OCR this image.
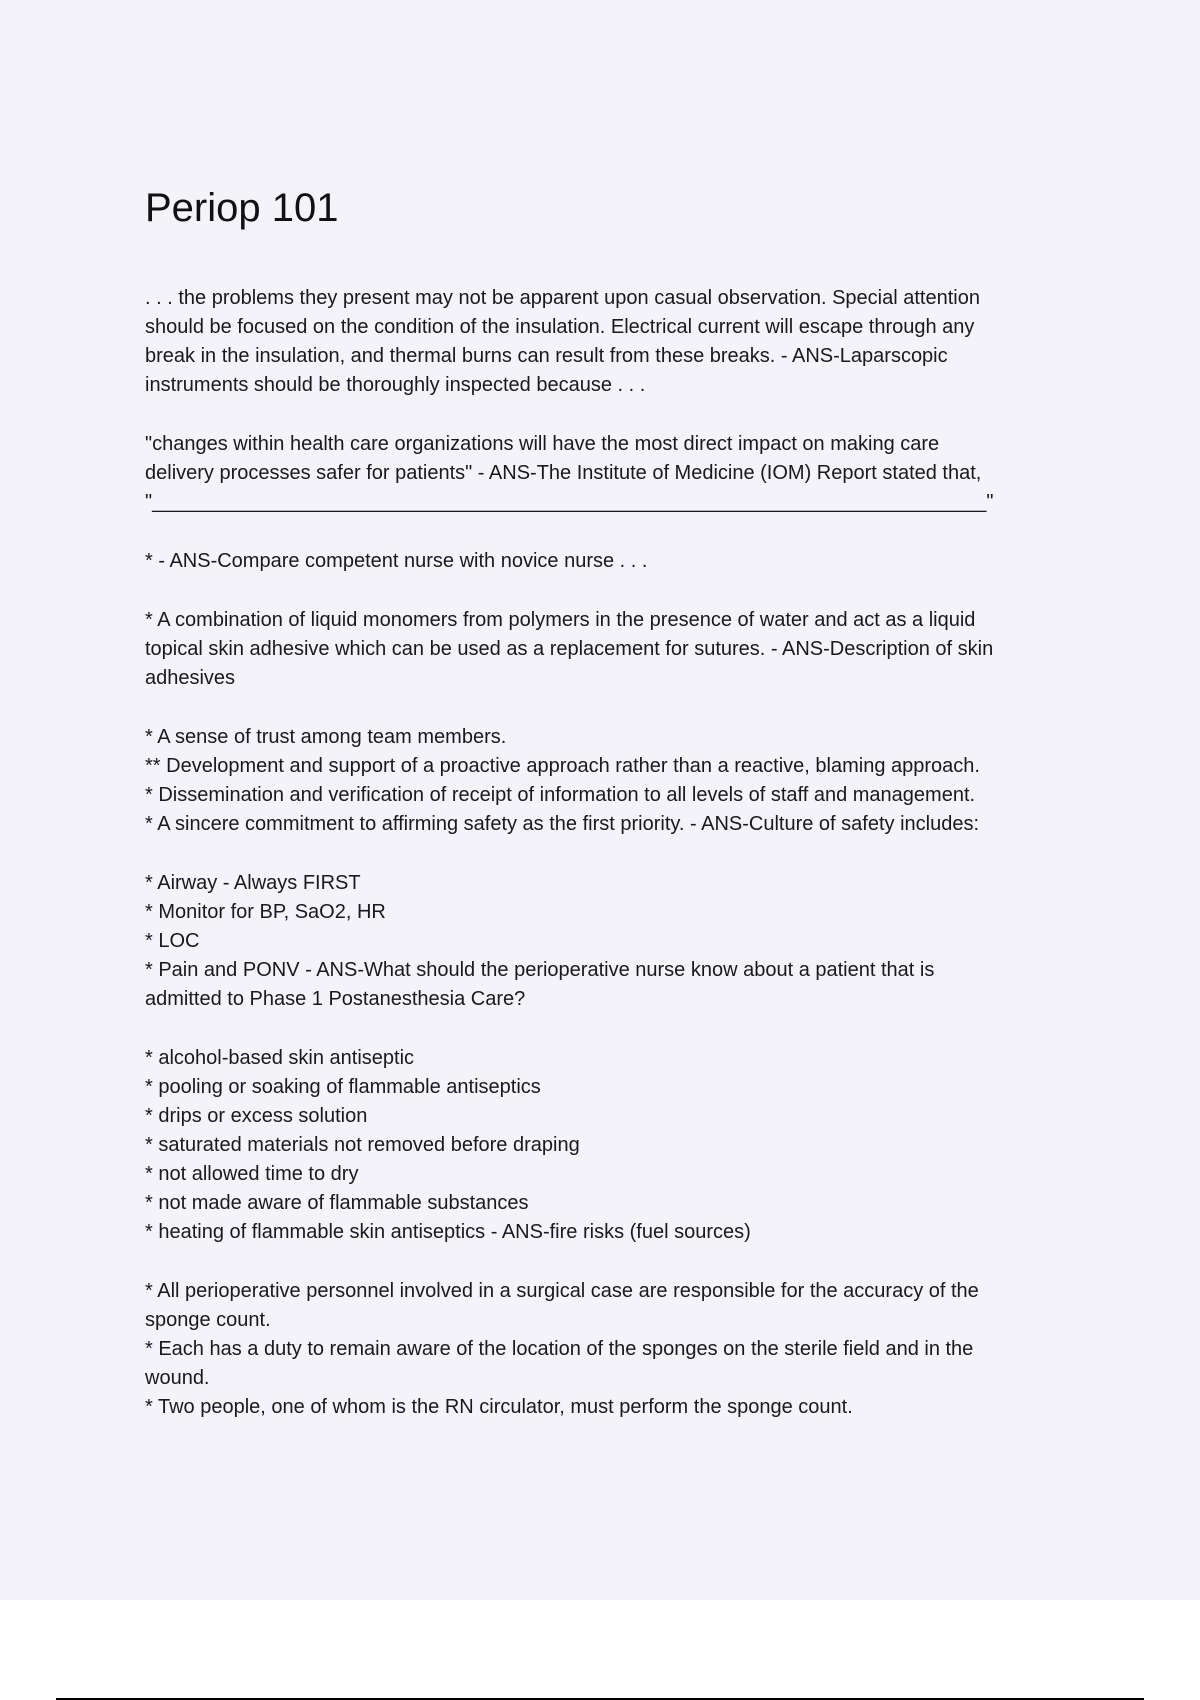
Periop 101
. . . the problems they present may not be apparent upon casual observation. Special attention
should be focused on the condition of the insulation. Electrical current will escape through any
break in the insulation, and thermal burns can result from these breaks. - ANS-Laparscopic
instruments should be thoroughly inspected because . . .
"changes within health care organizations will have the most direct impact on making care
delivery processes safer for patients" - ANS-The Institute of Medicine (IOM) Report stated that,
"___________________________________________________________________________"
* - ANS-Compare competent nurse with novice nurse . . .
* A combination of liquid monomers from polymers in the presence of water and act as a liquid
topical skin adhesive which can be used as a replacement for sutures. - ANS-Description of skin
adhesives
* A sense of trust among team members.
** Development and support of a proactive approach rather than a reactive, blaming approach.
* Dissemination and verification of receipt of information to all levels of staff and management.
* A sincere commitment to affirming safety as the first priority. - ANS-Culture of safety includes:
* Airway - Always FIRST
* Monitor for BP, SaO2, HR
* LOC
* Pain and PONV - ANS-What should the perioperative nurse know about a patient that is
admitted to Phase 1 Postanesthesia Care?
* alcohol-based skin antiseptic
* pooling or soaking of flammable antiseptics
* drips or excess solution
* saturated materials not removed before draping
* not allowed time to dry
* not made aware of flammable substances
* heating of flammable skin antiseptics - ANS-fire risks (fuel sources)
* All perioperative personnel involved in a surgical case are responsible for the accuracy of the
sponge count.
* Each has a duty to remain aware of the location of the sponges on the sterile field and in the
wound.
* Two people, one of whom is the RN circulator, must perform the sponge count.
